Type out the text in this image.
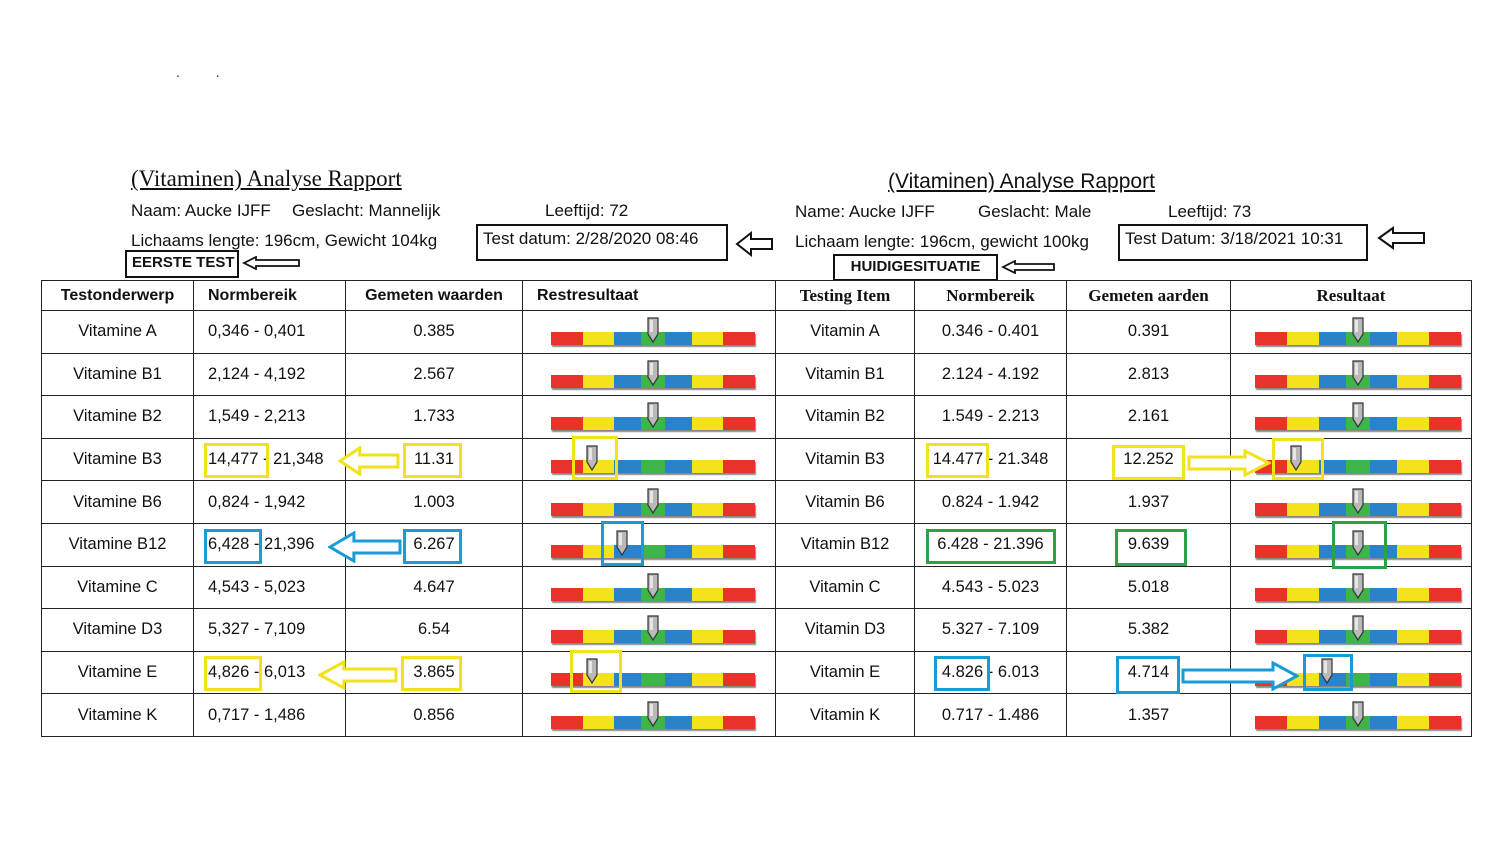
. .
(Vitaminen) Analyse Rapport
Naam: Aucke IJFF Geslacht: Mannelijk	Leeftijd: 72
Lichaams lengte: 196cm, Gewicht 104kg	Test datum: 2/28/2020 08:46
EERSTE TEST
(Vitaminen) Analyse Rapport
Name: Aucke IJFF	Geslacht: Male	Leeftijd: 73
Lichaam lengte: 196cm, gewicht 100kg	Test Datum: 3/18/2021 10:31
HUIDIGESITUATIE
Testonderwerp	Normbereik	Gemeten waarden	Restresultaat
Vitamine A	0,346 - 0,401	0.385	

Vitamine B1	2,124 - 4,192	2.567	

Vitamine B2	1,549 - 2,213	1.733	

Vitamine B3	14,477 - 21,348	11.31	

Vitamine B6	0,824 - 1,942	1.003	

Vitamine B12	6,428 - 21,396	6.267	

Vitamine C	4,543 - 5,023	4.647	

Vitamine D3	5,327 - 7,109	6.54	

Vitamine E	4,826 - 6,013	3.865	

Vitamine K	0,717 - 1,486	0.856	
Testing Item	Normbereik	Gemeten aarden	Resultaat
Vitamin A	0.346 - 0.401	0.391	

Vitamin B1	2.124 - 4.192	2.813	

Vitamin B2	1.549 - 2.213	2.161	

Vitamin B3	14.477 - 21.348	12.252	

Vitamin B6	0.824 - 1.942	1.937	

Vitamin B12	6.428 - 21.396	9.639	

Vitamin C	4.543 - 5.023	5.018	

Vitamin D3	5.327 - 7.109	5.382	

Vitamin E	4.826 - 6.013	4.714	

Vitamin K	0.717 - 1.486	1.357	
